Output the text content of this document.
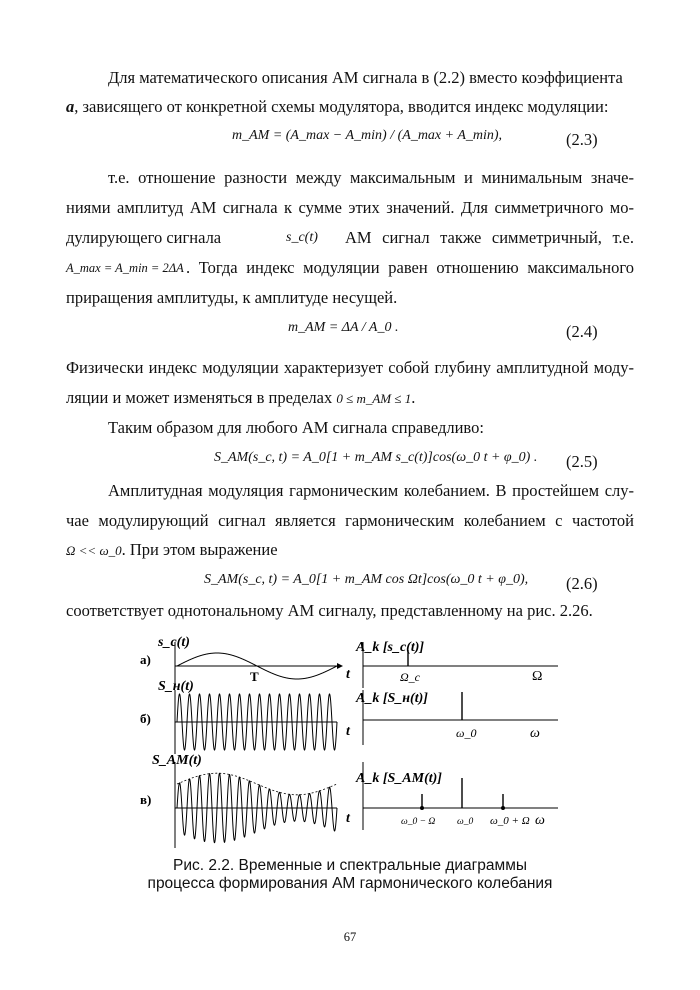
Для математического описания АМ сигнала в (2.2) вместо коэффициента
a, зависящего от конкретной схемы модулятора, вводится индекс модуляции:
m_AM = (A_max − A_min) / (A_max + A_min),	(2.3)
т.е. отношение разности между максимальным и минимальным значе-
ниями амплитуд АМ сигнала к сумме этих значений. Для симметричного мо-
дулирующего сигнала	s_c(t) АМ сигнал также симметричный, т.е.
A_max = A_min = 2ΔA . Тогда индекс модуляции равен отношению максимального
приращения амплитуды, к амплитуде несущей.
m_AM = ΔA / A_0 .	(2.4)
Физически индекс модуляции характеризует собой глубину амплитудной моду-
ляции и может изменяться в пределах 0 ≤ m_AM ≤ 1.
Таким образом для любого АМ сигнала справедливо:
S_AM(s_c, t) = A_0[1 + m_AM s_c(t)]cos(ω_0 t + φ_0) . (2.5)
Амплитудная модуляция гармоническим колебанием. В простейшем слу-
чае модулирующий сигнал является гармоническим колебанием с частотой
Ω << ω_0. При этом выражение
S_AM(s_c, t) = A_0[1 + m_AM cos Ωt]cos(ω_0 t + φ_0), (2.6)
соответствует однотональному АМ сигналу, представленному на рис. 2.26.
а)
s_c(t)
T	t
A_k [s_c(t)]
Ω_c	Ω
б)
S_н(t)
t
A_k [S_н(t)]
ω_0	ω
в)
S_AM(t)
t
A_k [S_AM(t)]
ω_0 − Ω ω_0 ω_0 + Ω ω
Рис. 2.2. Временные и спектральные диаграммы
процесса формирования АМ гармонического колебания
67
